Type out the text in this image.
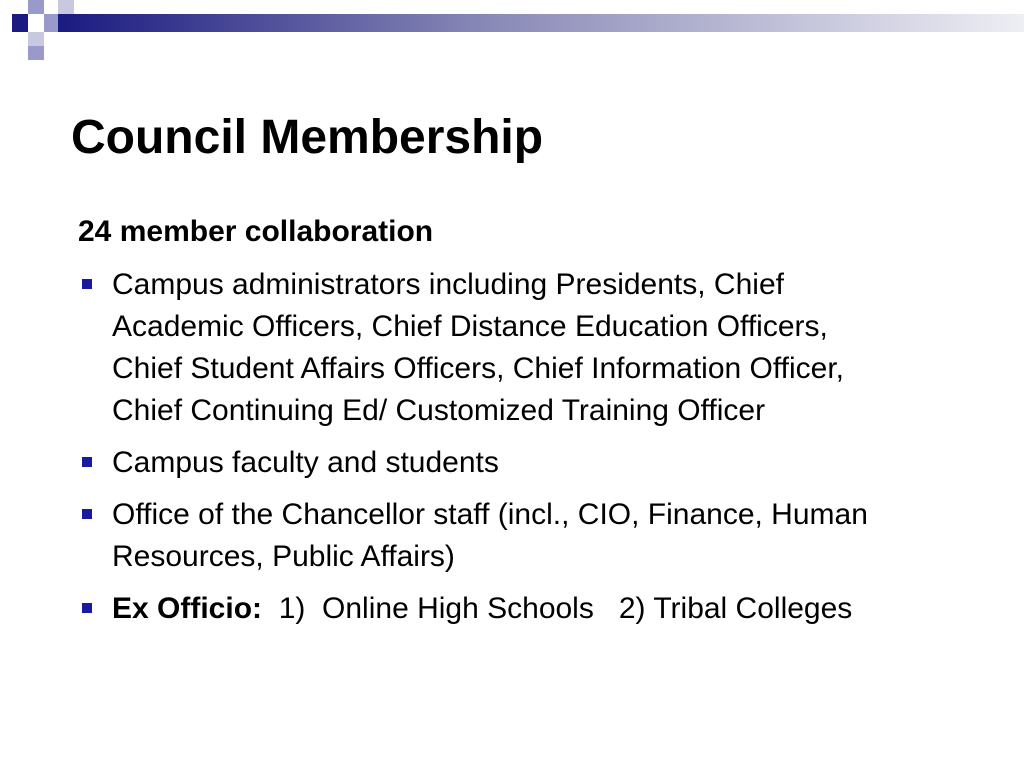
Council Membership
24 member collaboration
Campus administrators including Presidents, Chief
Academic Officers, Chief Distance Education Officers,
Chief Student Affairs Officers, Chief Information Officer,
Chief Continuing Ed/ Customized Training Officer
Campus faculty and students
Office of the Chancellor staff (incl., CIO, Finance, Human
Resources, Public Affairs)
Ex Officio: 1)  Online High Schools   2) Tribal Colleges
